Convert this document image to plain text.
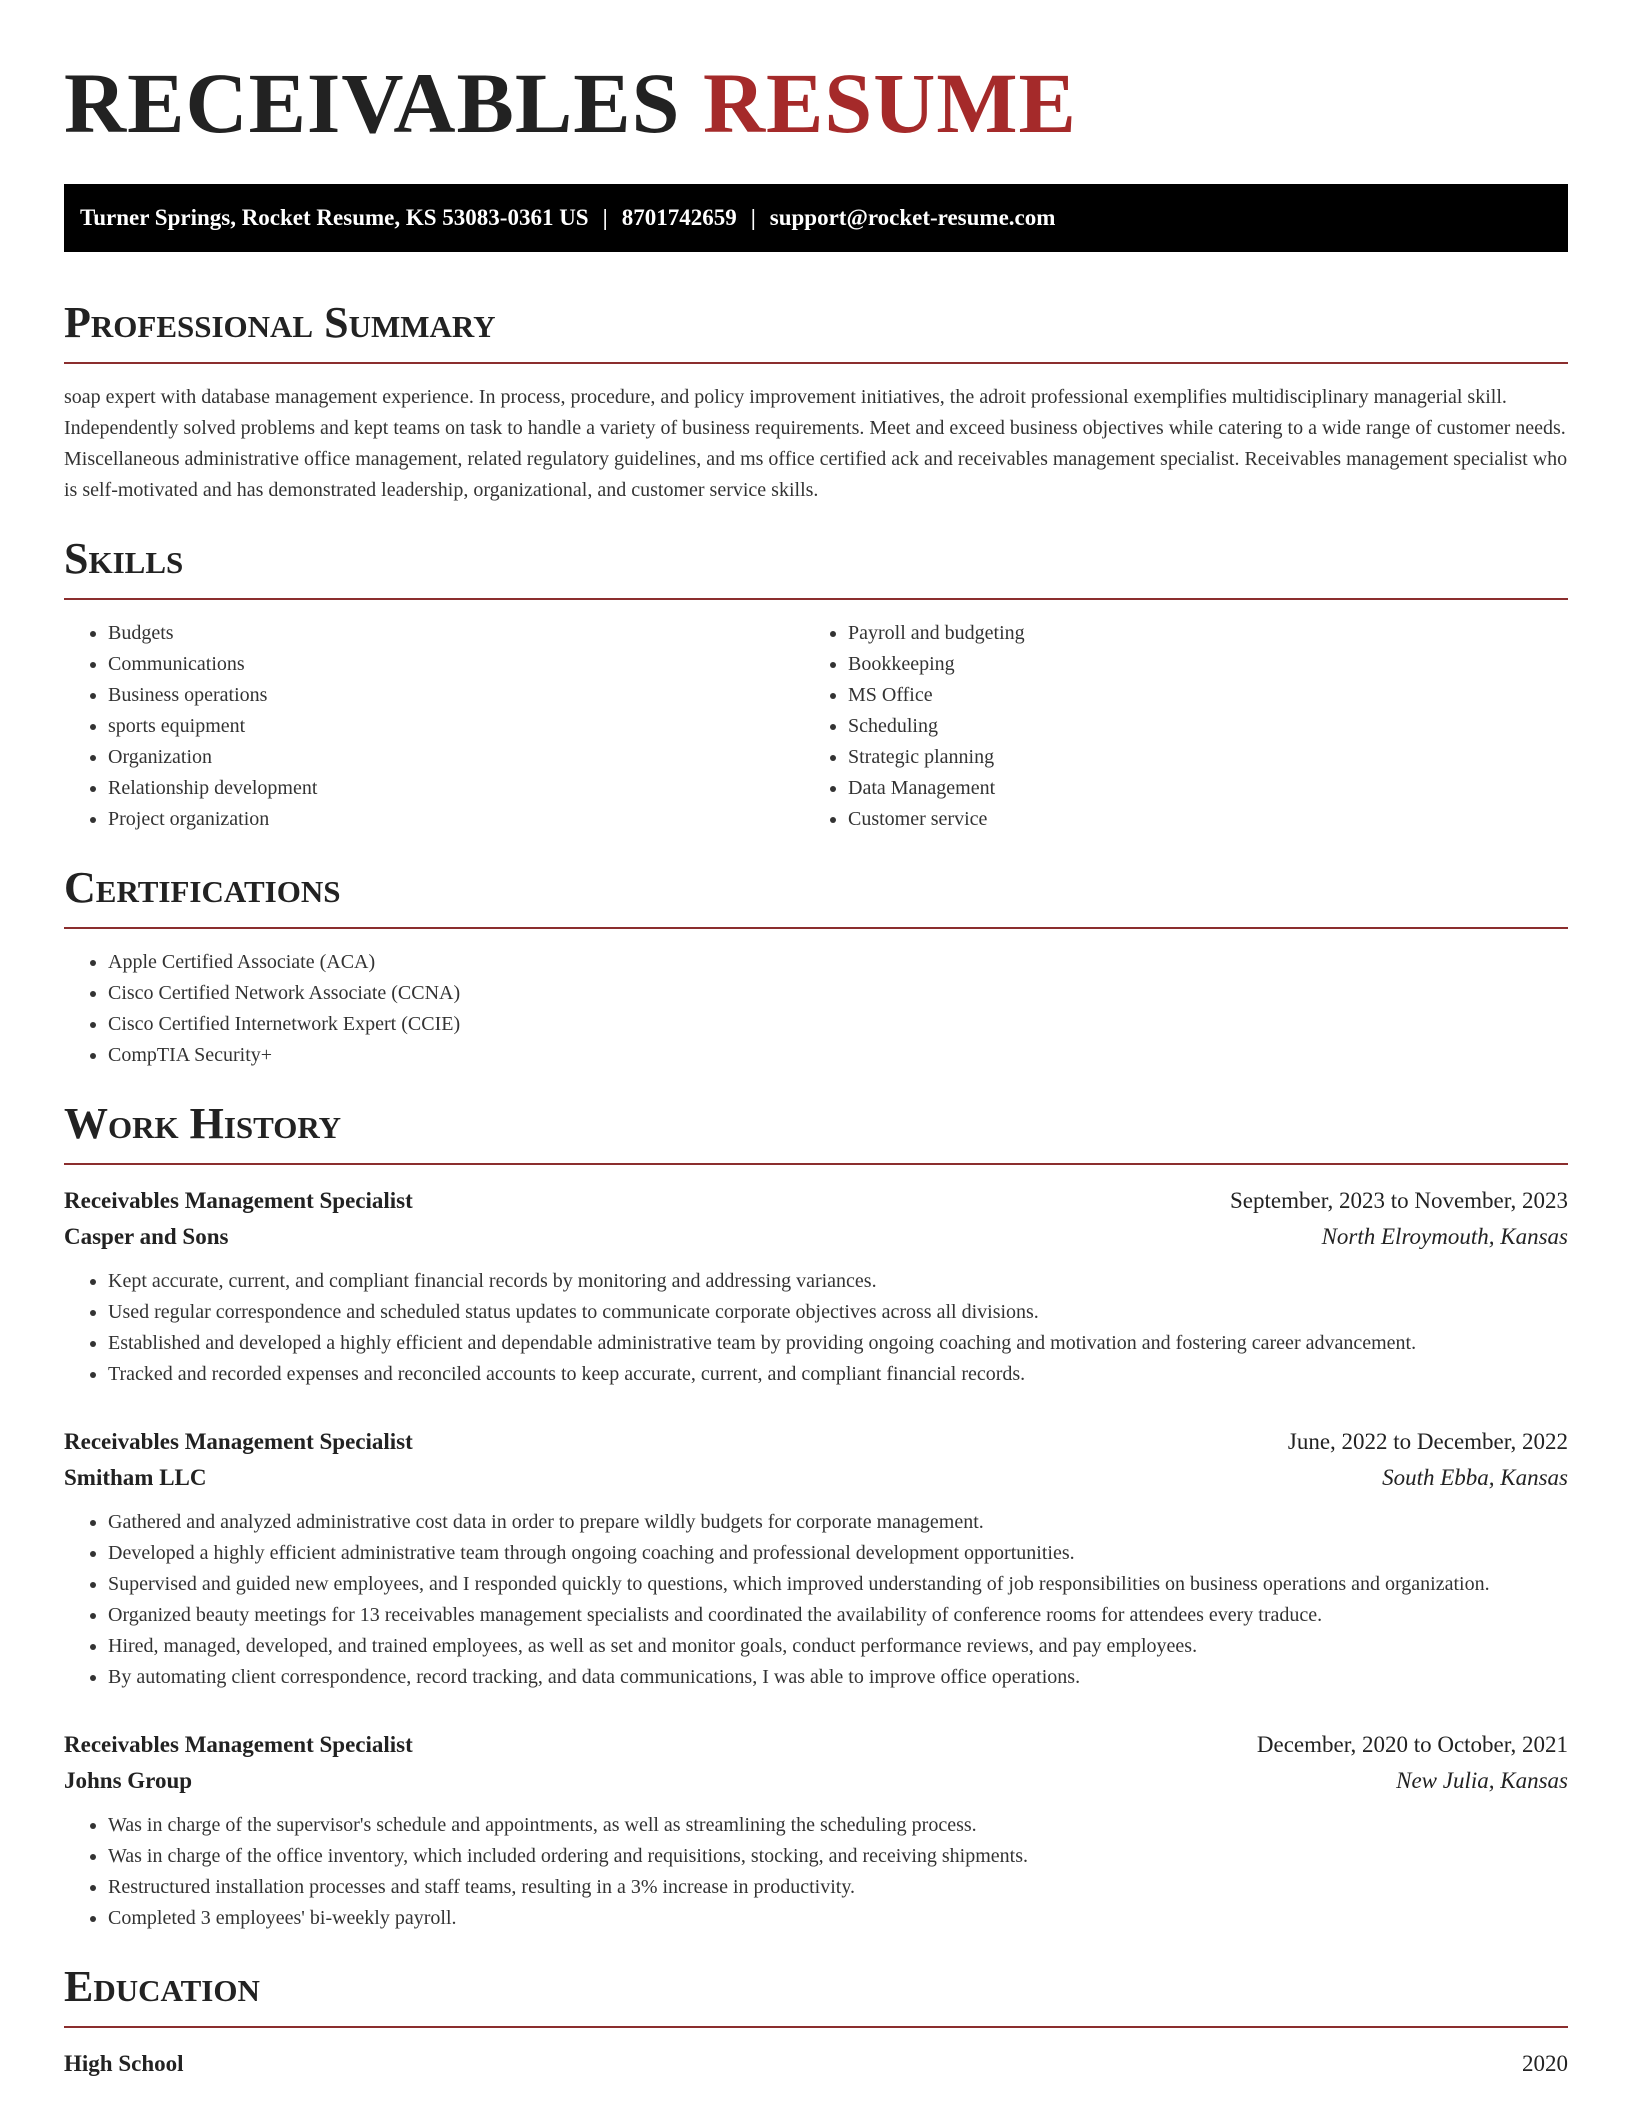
RECEIVABLES RESUME
Turner Springs, Rocket Resume, KS 53083-0361 US | 8701742659 | support@rocket-resume.com
Professional Summary

soap expert with database management experience. In process, procedure, and policy improvement initiatives, the adroit professional exemplifies multidisciplinary managerial skill. Independently solved problems and kept teams on task to handle a variety of business requirements. Meet and exceed business objectives while catering to a wide range of customer needs. Miscellaneous administrative office management, related regulatory guidelines, and ms office certified ack and receivables management specialist. Receivables management specialist who is self-motivated and has demonstrated leadership, organizational, and customer service skills.

Skills
• Budgets
• Communications
• Business operations
• sports equipment
• Organization
• Relationship development
• Project organization
• Payroll and budgeting
• Bookkeeping
• MS Office
• Scheduling
• Strategic planning
• Data Management
• Customer service
Certifications
• Apple Certified Associate (ACA)
• Cisco Certified Network Associate (CCNA)
• Cisco Certified Internetwork Expert (CCIE)
• CompTIA Security+
Work History
Receivables Management Specialist	September, 2023 to November, 2023
Casper and Sons	North Elroymouth, Kansas
• Kept accurate, current, and compliant financial records by monitoring and addressing variances.
• Used regular correspondence and scheduled status updates to communicate corporate objectives across all divisions.
• Established and developed a highly efficient and dependable administrative team by providing ongoing coaching and motivation and fostering career advancement.
• Tracked and recorded expenses and reconciled accounts to keep accurate, current, and compliant financial records.
Receivables Management Specialist	June, 2022 to December, 2022
Smitham LLC	South Ebba, Kansas
• Gathered and analyzed administrative cost data in order to prepare wildly budgets for corporate management.
• Developed a highly efficient administrative team through ongoing coaching and professional development opportunities.
• Supervised and guided new employees, and I responded quickly to questions, which improved understanding of job responsibilities on business operations and organization.
• Organized beauty meetings for 13 receivables management specialists and coordinated the availability of conference rooms for attendees every traduce.
• Hired, managed, developed, and trained employees, as well as set and monitor goals, conduct performance reviews, and pay employees.
• By automating client correspondence, record tracking, and data communications, I was able to improve office operations.
Receivables Management Specialist	December, 2020 to October, 2021
Johns Group	New Julia, Kansas
• Was in charge of the supervisor's schedule and appointments, as well as streamlining the scheduling process.
• Was in charge of the office inventory, which included ordering and requisitions, stocking, and receiving shipments.
• Restructured installation processes and staff teams, resulting in a 3% increase in productivity.
• Completed 3 employees' bi-weekly payroll.
Education
High School	2020
